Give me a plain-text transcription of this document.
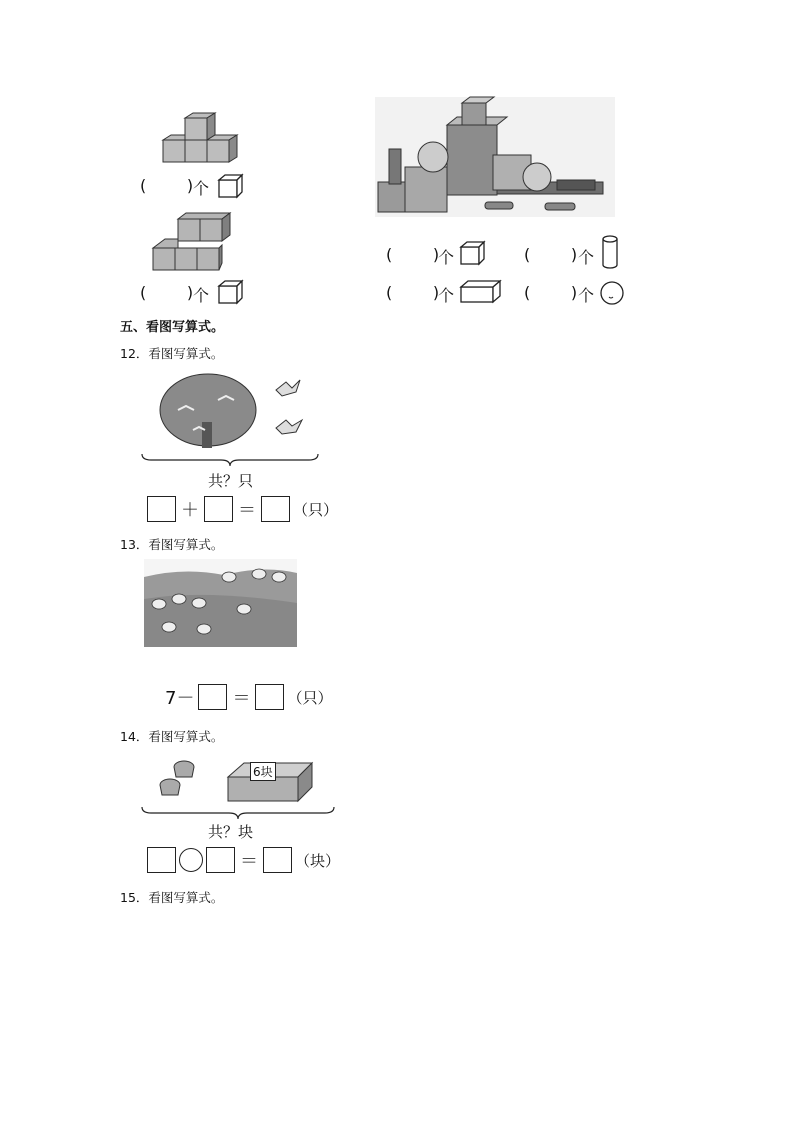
(        ) 个
(        ) 个
(        )
个	(        ) 个
(        )
个	(        ) 个
五、看图写算式。
12．看图写算式。
共？只
＋ ＝ （只）
13．看图写算式。
7－ ＝ （只）
14．看图写算式。
6块
共？块
＝ （块）
15．看图写算式。
